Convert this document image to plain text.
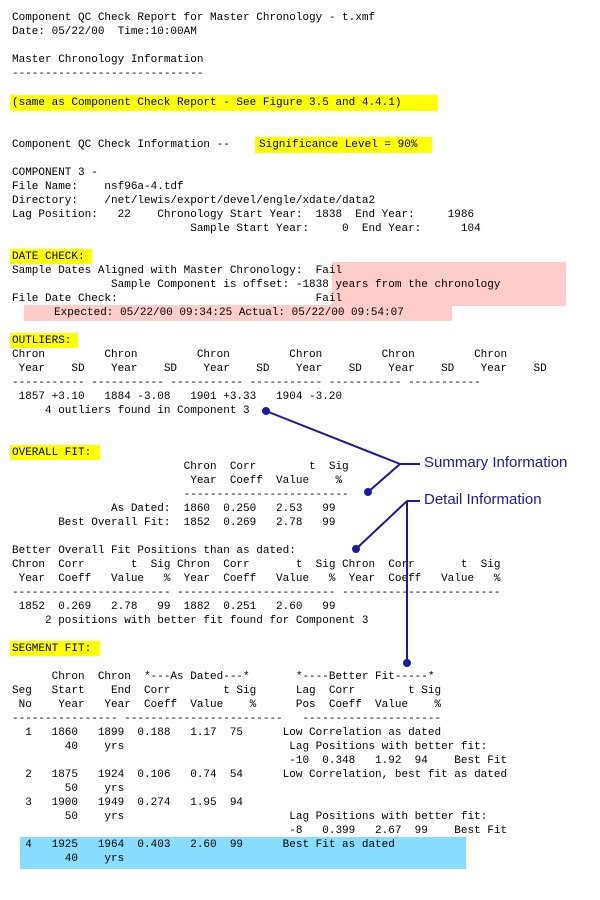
Component QC Check Report for Master Chronology - t.xmf
Date: 05/22/00  Time:10:00AM
Master Chronology Information
-----------------------------
(same as Component Check Report - See Figure 3.5 and 4.4.1)
Component QC Check Information --	Significance Level = 90%
COMPONENT 3 -
File Name:    nsf96a-4.tdf
Directory:    /net/lewis/export/devel/engle/xdate/data2
Lag Position:   22    Chronology Start Year:  1838  End Year:     1986
Sample Start Year:     0  End Year:      104
DATE CHECK:
Sample Dates Aligned with Master Chronology:  Fail
Sample Component is offset: -1838 years from the chronology
File Date Check:                              Fail
Expected: 05/22/00 09:34:25 Actual: 05/22/00 09:54:07
OUTLIERS:
Chron         Chron         Chron         Chron         Chron         Chron
Year    SD    Year    SD    Year    SD    Year    SD    Year    SD    Year    SD
----------- ----------- ----------- ----------- ----------- -----------
1857 +3.10   1884 -3.08   1901 +3.33   1904 -3.20
4 outliers found in Component 3
OVERALL FIT:
Chron  Corr        t  Sig
Year  Coeff  Value    %
-------------------------
As Dated:  1860  0.250   2.53   99
Best Overall Fit:  1852  0.269   2.78   99
Better Overall Fit Positions than as dated:
Chron  Corr       t  Sig Chron  Corr       t  Sig Chron  Corr       t  Sig
Year  Coeff   Value   %  Year  Coeff   Value   %  Year  Coeff   Value   %
------------------------ ------------------------ ------------------------
1852  0.269   2.78   99  1882  0.251   2.60   99
2 positions with better fit found for Component 3
SEGMENT FIT:
Chron  Chron  *---As Dated---*       *----Better Fit-----*
Seg   Start    End  Corr        t Sig      Lag  Corr        t Sig
No    Year   Year  Coeff  Value    %      Pos  Coeff  Value    %
---------------- ------------------------   ---------------------
1   1860   1899  0.188   1.17  75      Low Correlation as dated
40    yrs                         Lag Positions with better fit:
-10  0.348   1.92  94    Best Fit
2   1875   1924  0.106   0.74  54      Low Correlation, best fit as dated
50    yrs
3   1900   1949  0.274   1.95  94
50    yrs                         Lag Positions with better fit:
-8   0.399   2.67  99    Best Fit
4   1925   1964  0.403   2.60  99      Best Fit as dated
40    yrs
Summary Information
Detail Information
